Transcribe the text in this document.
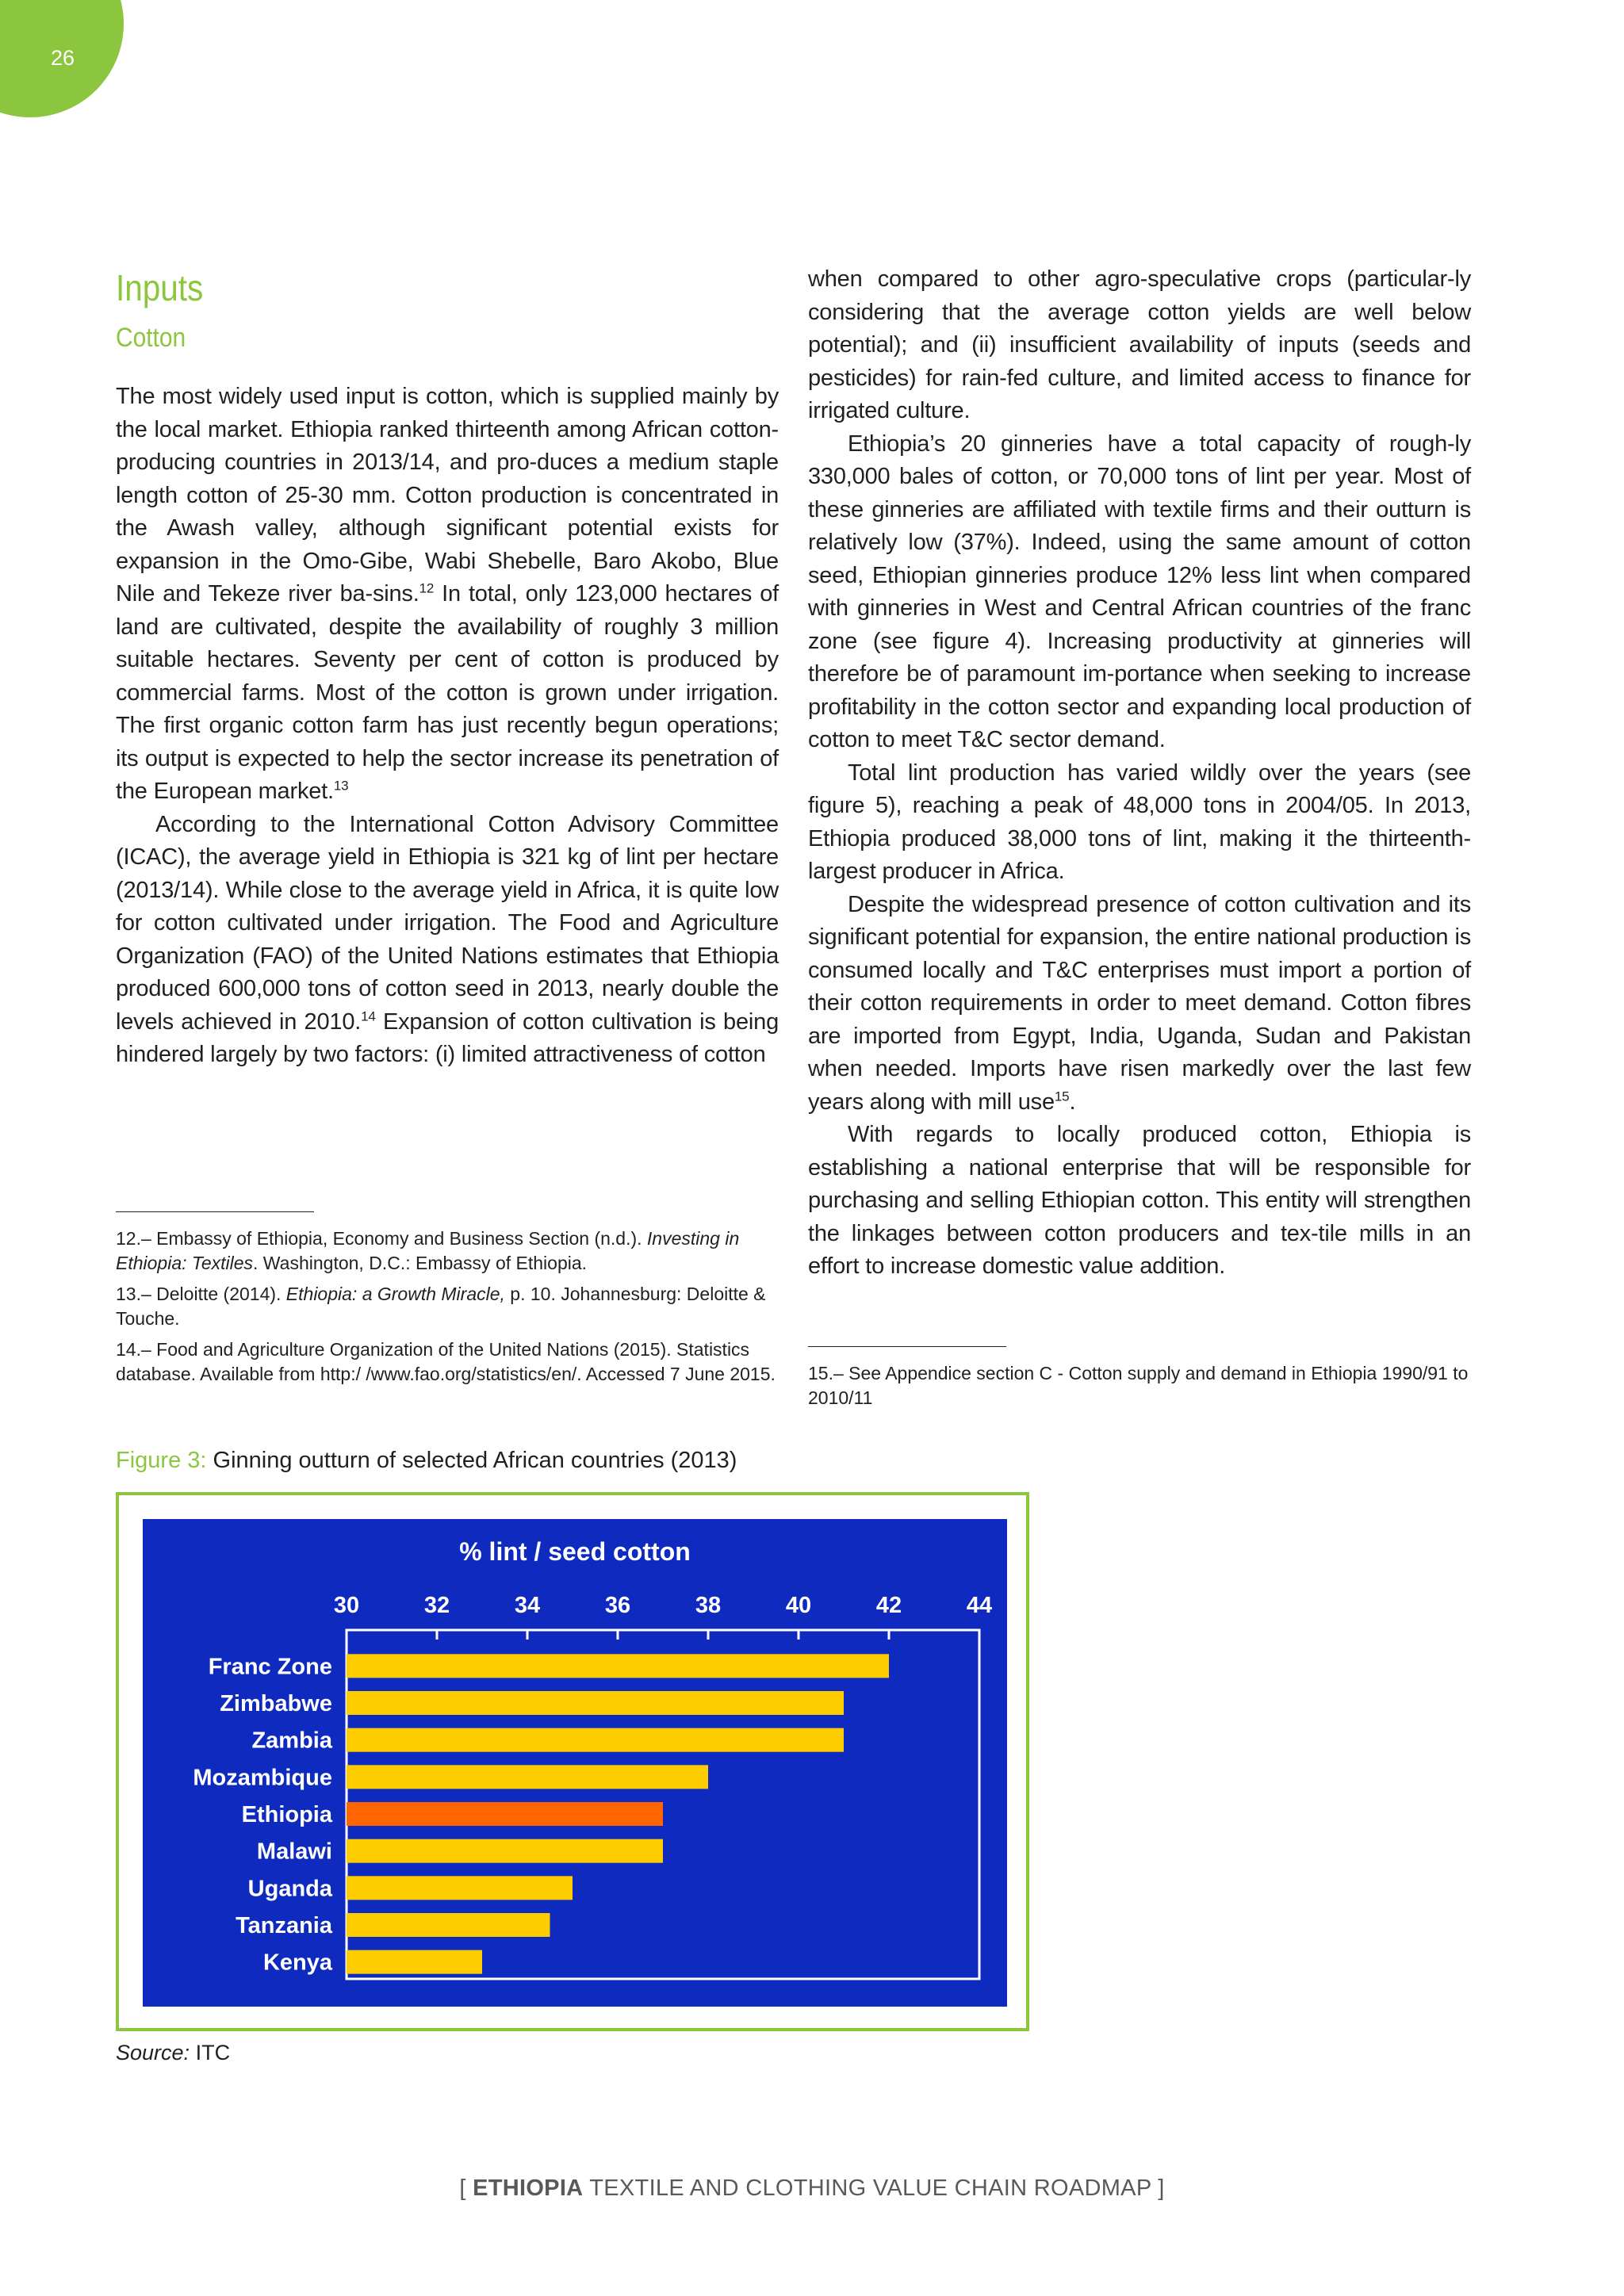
26
Inputs
Cotton

The most widely used input is cotton, which is supplied mainly by the local market. Ethiopia ranked thirteenth among African cotton-producing countries in 2013/14, and pro-duces a medium staple length cotton of 25-30 mm. Cotton production is concentrated in the Awash valley, although significant potential exists for expansion in the Omo-Gibe, Wabi Shebelle, Baro Akobo, Blue Nile and Tekeze river ba-sins.$^{12}$ In total, only 123,000 hectares of land are cultivated, despite the availability of roughly 3 million suitable hectares. Seventy per cent of cotton is produced by commercial farms. Most of the cotton is grown under irrigation. The first organic cotton farm has just recently begun operations; its output is expected to help the sector increase its penetration of the European market.$^{13}$

According to the International Cotton Advisory Committee (ICAC), the average yield in Ethiopia is 321 kg of lint per hectare (2013/14). While close to the average yield in Africa, it is quite low for cotton cultivated under irrigation. The Food and Agriculture Organization (FAO) of the United Nations estimates that Ethiopia produced 600,000 tons of cotton seed in 2013, nearly double the levels achieved in 2010.14 Expansion of cotton cultivation is being hindered largely by two factors: (i) limited attractiveness of cotton

when compared to other agro-speculative crops (particular-ly considering that the average cotton yields are well below potential); and (ii) insufficient availability of inputs (seeds and pesticides) for rain-fed culture, and limited access to finance for irrigated culture.

Ethiopia’s 20 ginneries have a total capacity of rough-ly 330,000 bales of cotton, or 70,000 tons of lint per year. Most of these ginneries are affiliated with textile firms and their outturn is relatively low (37%). Indeed, using the same amount of cotton seed, Ethiopian ginneries produce 12% less lint when compared with ginneries in West and Central African countries of the franc zone (see figure 4). Increasing productivity at ginneries will therefore be of paramount im-portance when seeking to increase profitability in the cotton sector and expanding local production of cotton to meet T&C sector demand.

Total lint production has varied wildly over the years (see figure 5), reaching a peak of 48,000 tons in 2004/05. In 2013, Ethiopia produced 38,000 tons of lint, making it the thirteenth-largest producer in Africa.

Despite the widespread presence of cotton cultivation and its significant potential for expansion, the entire national production is consumed locally and T&C enterprises must import a portion of their cotton requirements in order to meet demand. Cotton fibres are imported from Egypt, India, Uganda, Sudan and Pakistan when needed. Imports have risen markedly over the last few years along with mill use$^{15}$.

With regards to locally produced cotton, Ethiopia is establishing a national enterprise that will be responsible for purchasing and selling Ethiopian cotton. This entity will strengthen the linkages between cotton producers and tex-tile mills in an effort to increase domestic value addition.

12.– Embassy of Ethiopia, Economy and Business Section (n.d.). Investing in Ethiopia: Textiles. Washington, D.C.: Embassy of Ethiopia.

13.– Deloitte (2014). Ethiopia: a Growth Miracle, p. 10. Johannesburg: Deloitte & Touche.

14.– Food and Agriculture Organization of the United Nations (2015). Statistics database. Available from http:/ /www.fao.org/statistics/en/. Accessed 7 June 2015. 15.– See Appendice section C - Cotton supply and demand in Ethiopia 1990/91 to 2010/11

Figure 3: Ginning outturn of selected African countries (2013)
% lint / seed cotton
30	32	34	36	38	40	42	44
Franc Zone
Zimbabwe
Zambia
Mozambique
Ethiopia
Malawi
Uganda
Tanzania
Kenya
Source: ITC
[ ETHIOPIA TEXTILE AND CLOTHING VALUE CHAIN ROADMAP ]
